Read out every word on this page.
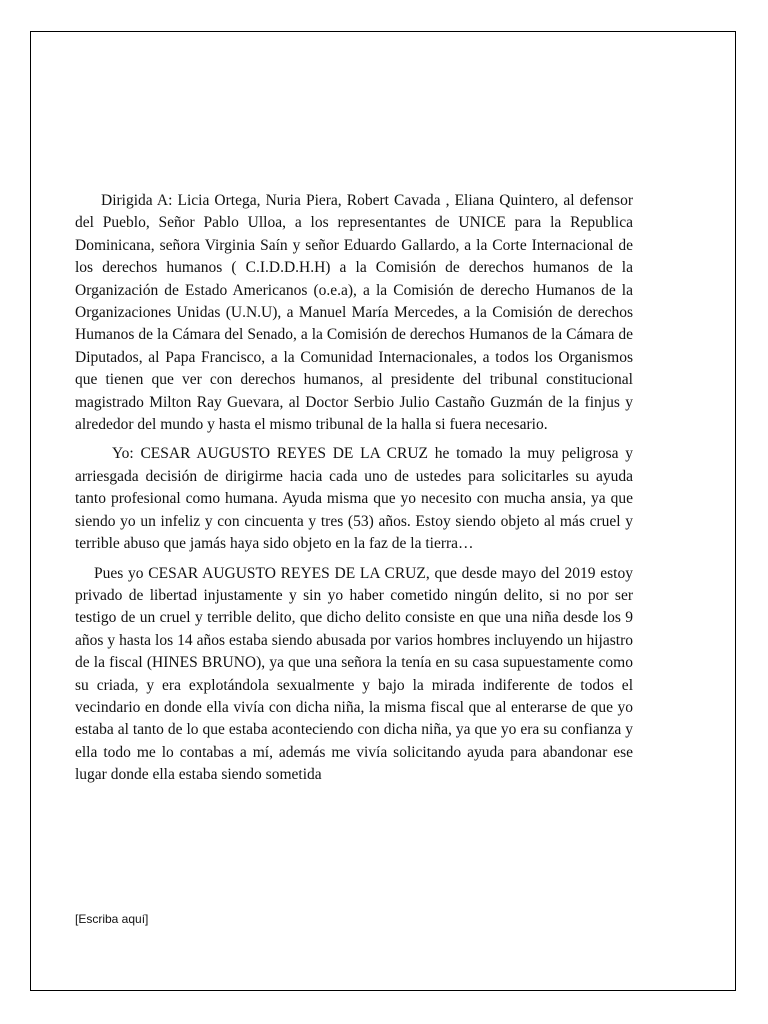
Dirigida A: Licia Ortega, Nuria Piera, Robert Cavada , Eliana Quintero, al defensor del Pueblo, Señor Pablo Ulloa, a los representantes de UNICE para la Republica Dominicana, señora Virginia Saín y señor Eduardo Gallardo, a la Corte Internacional de los derechos humanos ( C.I.D.D.H.H) a la Comisión de derechos humanos de la Organización de Estado Americanos (o.e.a), a la Comisión de derecho Humanos de la Organizaciones Unidas (U.N.U), a Manuel María Mercedes, a la Comisión de derechos Humanos de la Cámara del Senado, a la Comisión de derechos Humanos de la Cámara de Diputados, al Papa Francisco, a la Comunidad Internacionales, a todos los Organismos que tienen que ver con derechos humanos, al presidente del tribunal constitucional magistrado Milton Ray Guevara, al Doctor Serbio Julio Castaño Guzmán de la finjus y alrededor del mundo y hasta el mismo tribunal de la halla si fuera necesario.

Yo: CESAR AUGUSTO REYES DE LA CRUZ he tomado la muy peligrosa y arriesgada decisión de dirigirme hacia cada uno de ustedes para solicitarles su ayuda tanto profesional como humana. Ayuda misma que yo necesito con mucha ansia, ya que siendo yo un infeliz y con cincuenta y tres (53) años. Estoy siendo objeto al más cruel y terrible abuso que jamás haya sido objeto en la faz de la tierra…

Pues yo CESAR AUGUSTO REYES DE LA CRUZ, que desde mayo del 2019 estoy privado de libertad injustamente y sin yo haber cometido ningún delito, si no por ser testigo de un cruel y terrible delito, que dicho delito consiste en que una niña desde los 9 años y hasta los 14 años estaba siendo abusada por varios hombres incluyendo un hijastro de la fiscal (HINES BRUNO), ya que una señora la tenía en su casa supuestamente como su criada, y era explotándola sexualmente y bajo la mirada indiferente de todos el vecindario en donde ella vivía con dicha niña, la misma fiscal que al enterarse de que yo estaba al tanto de lo que estaba aconteciendo con dicha niña, ya que yo era su confianza y ella todo me lo contabas a mí, además me vivía solicitando ayuda para abandonar ese lugar donde ella estaba siendo sometida

[Escriba aquí]
